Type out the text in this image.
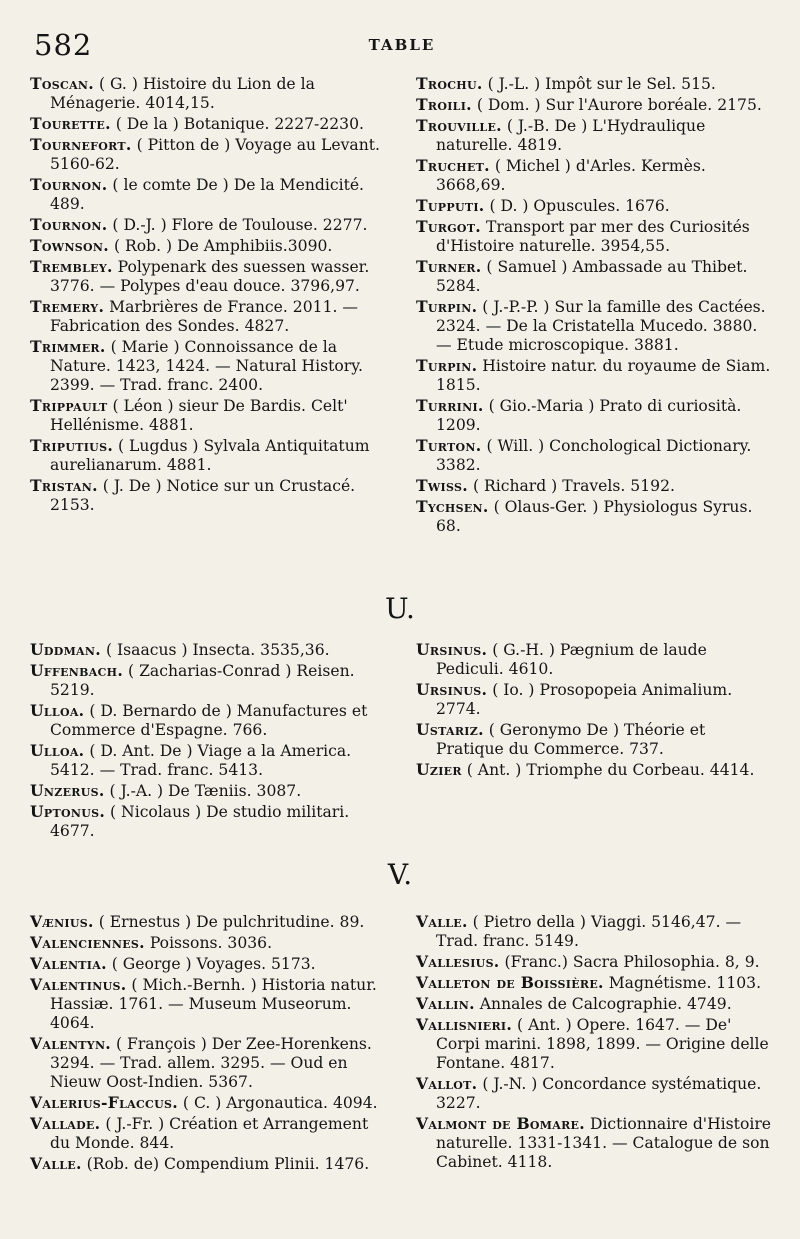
582	TABLE
Toscan. ( G. ) Histoire du Lion de la Ménagerie. 4014,15.
Tourette. ( De la ) Botanique. 2227-2230.
Tournefort. ( Pitton de ) Voyage au Levant. 5160-62.
Tournon. ( le comte De ) De la Mendicité. 489.
Tournon. ( D.-J. ) Flore de Toulouse. 2277.
Townson. ( Rob. ) De Amphibiis.3090.
Trembley. Polypenark des suessen wasser. 3776. — Polypes d'eau douce. 3796,97.
Tremery. Marbrières de France. 2011. — Fabrication des Sondes. 4827.
Trimmer. ( Marie ) Connoissance de la Nature. 1423, 1424. — Natural History. 2399. — Trad. franc. 2400.
Trippault ( Léon ) sieur De Bardis. Celt' Hellénisme. 4881.
Triputius. ( Lugdus ) Sylvala Antiquitatum aurelianarum. 4881.
Tristan. ( J. De ) Notice sur un Crustacé. 2153.
Trochu. ( J.-L. ) Impôt sur le Sel. 515.
Troili. ( Dom. ) Sur l'Aurore boréale. 2175.
Trouville. ( J.-B. De ) L'Hydraulique naturelle. 4819.
Truchet. ( Michel ) d'Arles. Kermès. 3668,69.
Tupputi. ( D. ) Opuscules. 1676.
Turgot. Transport par mer des Curiosités d'Histoire naturelle. 3954,55.
Turner. ( Samuel ) Ambassade au Thibet. 5284.
Turpin. ( J.-P.-P. ) Sur la famille des Cactées. 2324. — De la Cristatella Mucedo. 3880. — Etude microscopique. 3881.
Turpin. Histoire natur. du royaume de Siam. 1815.
Turrini. ( Gio.-Maria ) Prato di curiosità. 1209.
Turton. ( Will. ) Conchological Dictionary. 3382.
Twiss. ( Richard ) Travels. 5192.
Tychsen. ( Olaus-Ger. ) Physiologus Syrus. 68.
U.
Uddman. ( Isaacus ) Insecta. 3535,36.
Uffenbach. ( Zacharias-Conrad ) Reisen. 5219.
Ulloa. ( D. Bernardo de ) Manufactures et Commerce d'Espagne. 766.
Ulloa. ( D. Ant. De ) Viage a la America. 5412. — Trad. franc. 5413.
Unzerus. ( J.-A. ) De Tæniis. 3087.
Uptonus. ( Nicolaus ) De studio militari. 4677.
Ursinus. ( G.-H. ) Pægnium de laude Pediculi. 4610.
Ursinus. ( Io. ) Prosopopeia Animalium. 2774.
Ustariz. ( Geronymo De ) Théorie et Pratique du Commerce. 737.
Uzier ( Ant. ) Triomphe du Corbeau. 4414.
V.
Vænius. ( Ernestus ) De pulchritudine. 89.
Valenciennes. Poissons. 3036.
Valentia. ( George ) Voyages. 5173.
Valentinus. ( Mich.-Bernh. ) Historia natur. Hassiæ. 1761. — Museum Museorum. 4064.
Valentyn. ( François ) Der Zee-Horenkens. 3294. — Trad. allem. 3295. — Oud en Nieuw Oost-Indien. 5367.
Valerius-Flaccus. ( C. ) Argonautica. 4094.
Vallade. ( J.-Fr. ) Création et Arrangement du Monde. 844.
Valle. (Rob. de) Compendium Plinii. 1476.
Valle. ( Pietro della ) Viaggi. 5146,47. — Trad. franc. 5149.
Vallesius. (Franc.) Sacra Philosophia. 8, 9.
Valleton de Boissière. Magnétisme. 1103.
Vallin. Annales de Calcographie. 4749.
Vallisnieri. ( Ant. ) Opere. 1647. — De' Corpi marini. 1898, 1899. — Origine delle Fontane. 4817.
Vallot. ( J.-N. ) Concordance systématique. 3227.
Valmont de Bomare. Dictionnaire d'Histoire naturelle. 1331-1341. — Catalogue de son Cabinet. 4118.
